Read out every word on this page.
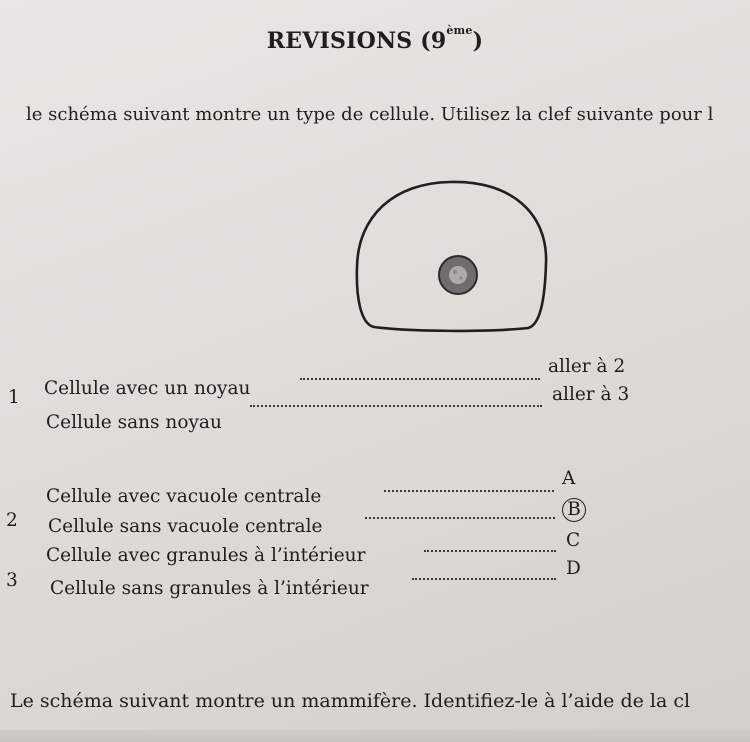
REVISIONS (9ème)
le schéma suivant montre un type de cellule. Utilisez la clef suivante pour l
1 Cellule avec un noyau
aller à 2
Cellule sans noyau
aller à 3
2
Cellule avec vacuole centrale
A
Cellule sans vacuole centrale
B
3
Cellule avec granules à l’intérieur
C
Cellule sans granules à l’intérieur
D
Le schéma suivant montre un mammifère. Identifiez-le à l’aide de la cl
